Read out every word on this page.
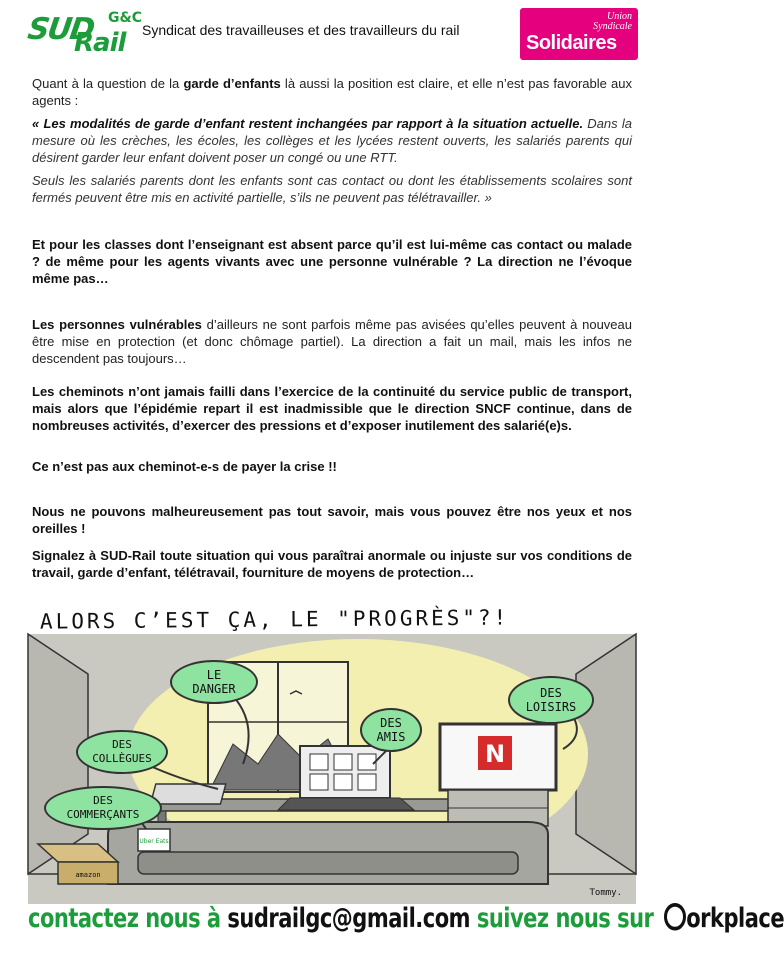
SUD
Rail
G&C
Syndicat des travailleuses et des travailleurs du rail
Union
Syndicale
Solidaires

Quant à la question de la garde d’enfants là aussi la position est claire, et elle n’est pas favorable aux agents :

« Les modalités de garde d’enfant restent inchangées par rapport à la situation actuelle. Dans la mesure où les crèches, les écoles, les collèges et les lycées restent ouverts, les salariés parents qui désirent garder leur enfant doivent poser un congé ou une RTT.

Seuls les salariés parents dont les enfants sont cas contact ou dont les établissements scolaires sont fermés peuvent être mis en activité partielle, s’ils ne peuvent pas télétravailler. »

Et pour les classes dont l’enseignant est absent parce qu’il est lui-même cas contact ou malade ? de même pour les agents vivants avec une personne vulnérable ? La direction ne l’évoque même pas…

Les personnes vulnérables d’ailleurs ne sont parfois même pas avisées qu’elles peuvent à nouveau être mise en protection (et donc chômage partiel). La direction a fait un mail, mais les infos ne descendent pas toujours…

Les cheminots n’ont jamais failli dans l’exercice de la continuité du service public de transport, mais alors que l’épidémie repart il est inadmissible que le direction SNCF continue, dans de nombreuses activités, d’exercer des pressions et d’exposer inutilement des salarié(e)s.

Ce n’est pas aux cheminot-e-s de payer la crise !!

Nous ne pouvons malheureusement pas tout savoir, mais vous pouvez être nos yeux et nos oreilles !

Signalez à SUD-Rail toute situation qui vous paraîtrai anormale ou injuste sur vos conditions de travail, garde d’enfant, télétravail, fourniture de moyens de protection…

ALORS C’EST ÇA, LE "PROGRÈS"?!
N
amazon
Uber Eats
LE DANGER	DES LOISIRS
DES AMIS
DES COLLÈGUES
DES COMMERÇANTS
Tommy.
contactez nous à sudrailgc@gmail.com suivez nous sur orkplace
